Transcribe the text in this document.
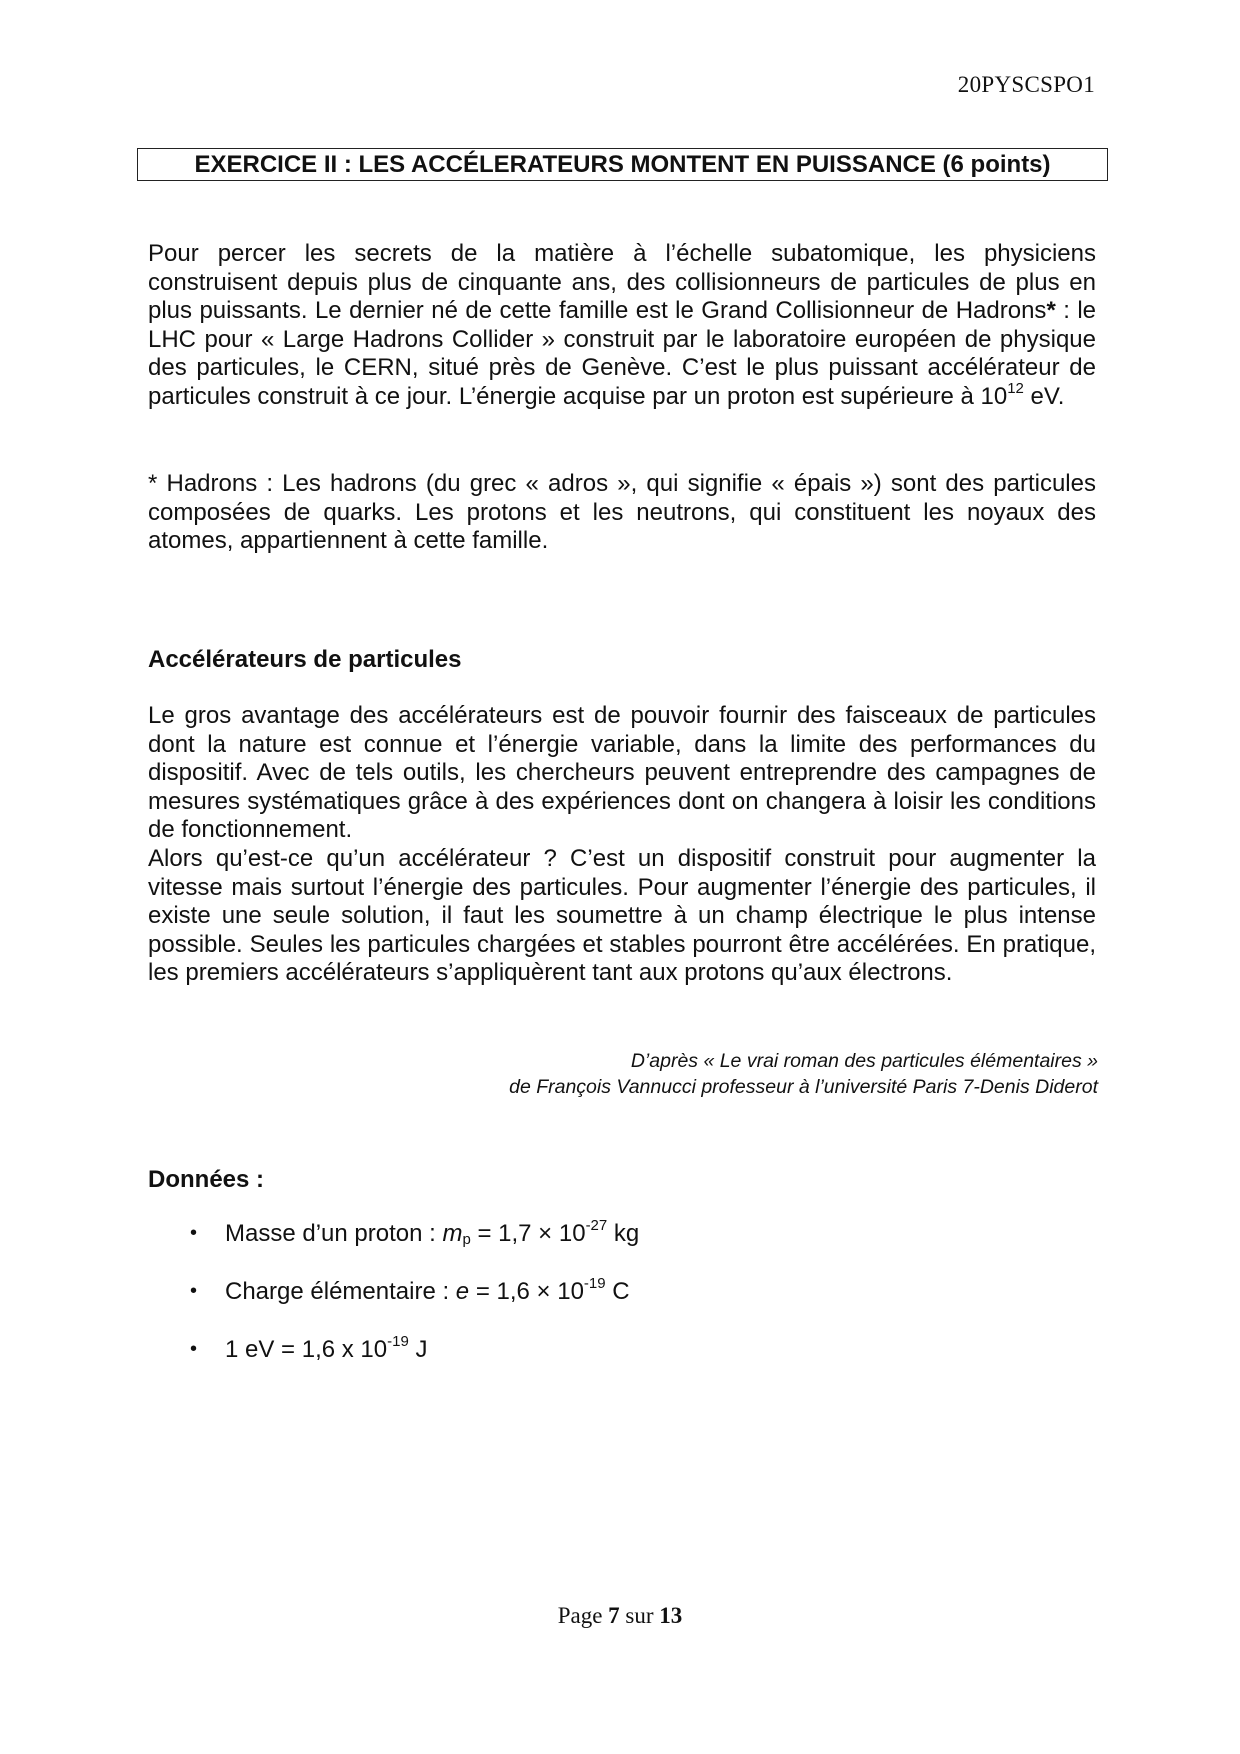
20PYSCSPO1
EXERCICE II : LES ACCÉLERATEURS MONTENT EN PUISSANCE (6 points)

Pour percer les secrets de la matière à l’échelle subatomique, les physiciens construisent depuis plus de cinquante ans, des collisionneurs de particules de plus en plus puissants. Le dernier né de cette famille est le Grand Collisionneur de Hadrons* : le LHC pour « Large Hadrons Collider » construit par le laboratoire européen de physique des particules, le CERN, situé près de Genève. C’est le plus puissant accélérateur de particules construit à ce jour. L’énergie acquise par un proton est supérieure à $10^{12}$ eV.

* Hadrons : Les hadrons (du grec « adros », qui signifie « épais ») sont des particules composées de quarks. Les protons et les neutrons, qui constituent les noyaux des atomes, appartiennent à cette famille.

Accélérateurs de particules

Le gros avantage des accélérateurs est de pouvoir fournir des faisceaux de particules dont la nature est connue et l’énergie variable, dans la limite des performances du dispositif. Avec de tels outils, les chercheurs peuvent entreprendre des campagnes de mesures systématiques grâce à des expériences dont on changera à loisir les conditions de fonctionnement.

Alors qu’est-ce qu’un accélérateur ? C’est un dispositif construit pour augmenter la vitesse mais surtout l’énergie des particules. Pour augmenter l’énergie des particules, il existe une seule solution, il faut les soumettre à un champ électrique le plus intense possible. Seules les particules chargées et stables pourront être accélérées. En pratique, les premiers accélérateurs s’appliquèrent tant aux protons qu’aux électrons.

D’après « Le vrai roman des particules élémentaires »
de François Vannucci professeur à l’université Paris 7-Denis Diderot
Données :
• Masse d’un proton : $m_p = 1,7 \times 10^{-27}$ kg
• Charge élémentaire : $e = 1,6 \times 10^{-19}$ C
• 1 eV = 1,6 x $10^{-19}$ J
Page 7 sur 13
